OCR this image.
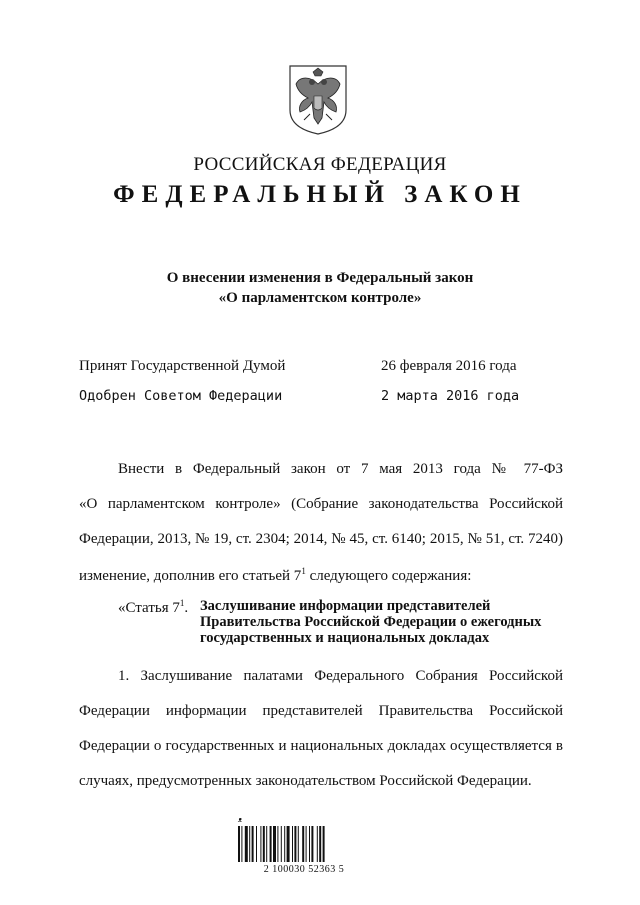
РОССИЙСКАЯ ФЕДЕРАЦИЯ
ФЕДЕРАЛЬНЫЙ ЗАКОН
О внесении изменения в Федеральный закон
«О парламентском контроле»
Принят Государственной Думой	26 февраля 2016 года
Одобрен Советом Федерации	2 марта 2016 года
Внести в Федеральный закон от 7 мая 2013 года № 77-ФЗ
«О парламентском контроле» (Собрание законодательства Российской
Федерации, 2013, № 19, ст. 2304; 2014, № 45, ст. 6140; 2015, № 51, ст. 7240)
изменение, дополнив его статьей $7^1$ следующего содержания:
«Статья $7^1$. Заслушивание информации представителей
Правительства Российской Федерации о ежегодных
государственных и национальных докладах
1. Заслушивание палатами Федерального Собрания Российской
Федерации информации представителей Правительства Российской
Федерации о государственных и национальных докладах осуществляется в
случаях, предусмотренных законодательством Российской Федерации.
ᴥ
2 100030 52363 5
